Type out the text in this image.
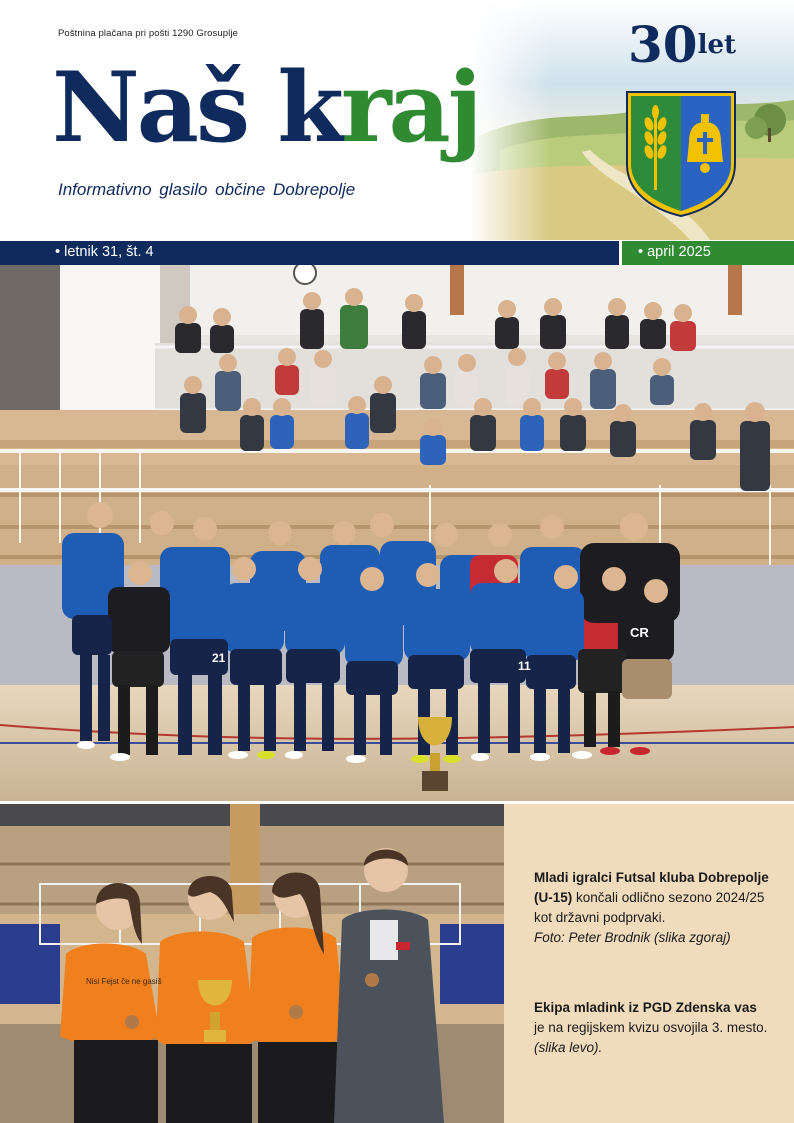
Poštnina plačana pri pošti 1290 Grosuplje
Naš kraj
Informativno glasilo občine Dobrepolje
30let
• letnik 31, št. 4	• april 2025
21
11
CR
Nisi Fejst če ne gasiš

Mladi igralci Futsal kluba Dobrepolje (U-15) končali odlično sezono 2024/25 kot državni podprvaki.
Foto: Peter Brodnik (slika zgoraj)

Ekipa mladink iz PGD Zdenska vas je na regijskem kvizu osvojila 3. mesto. (slika levo).
